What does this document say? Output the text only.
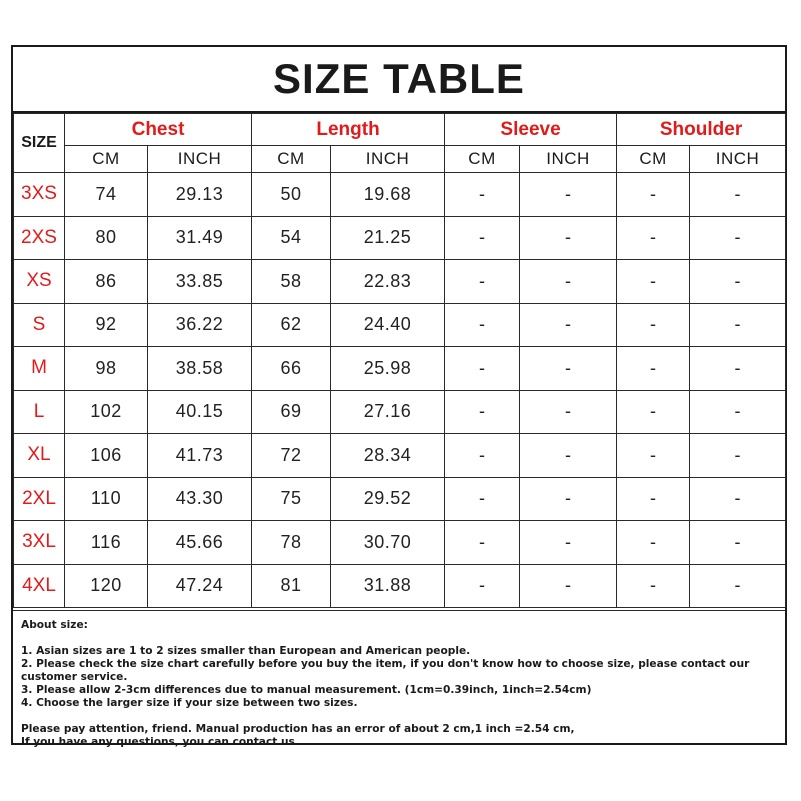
SIZE TABLE
SIZE	Chest		Length		Sleeve		Shoulder	
	CM	INCH	CM	INCH	CM	INCH	CM	INCH
3XS	74	29.13	50	19.68	-	-	-	-
2XS	80	31.49	54	21.25	-	-	-	-
XS	86	33.85	58	22.83	-	-	-	-
S	92	36.22	62	24.40	-	-	-	-
M	98	38.58	66	25.98	-	-	-	-
L	102	40.15	69	27.16	-	-	-	-
XL	106	41.73	72	28.34	-	-	-	-
2XL	110	43.30	75	29.52	-	-	-	-
3XL	116	45.66	78	30.70	-	-	-	-
4XL	120	47.24	81	31.88	-	-	-	-

About size:

1. Asian sizes are 1 to 2 sizes smaller than European and American people.

2. Please check the size chart carefully before you buy the item, if you don't know how to choose size, please contact our customer service.

3. Please allow 2-3cm differences due to manual measurement. (1cm=0.39inch, 1inch=2.54cm)

4. Choose the larger size if your size between two sizes.

Please pay attention, friend. Manual production has an error of about 2 cm,1 inch =2.54 cm,

If you have any questions, you can contact us.
